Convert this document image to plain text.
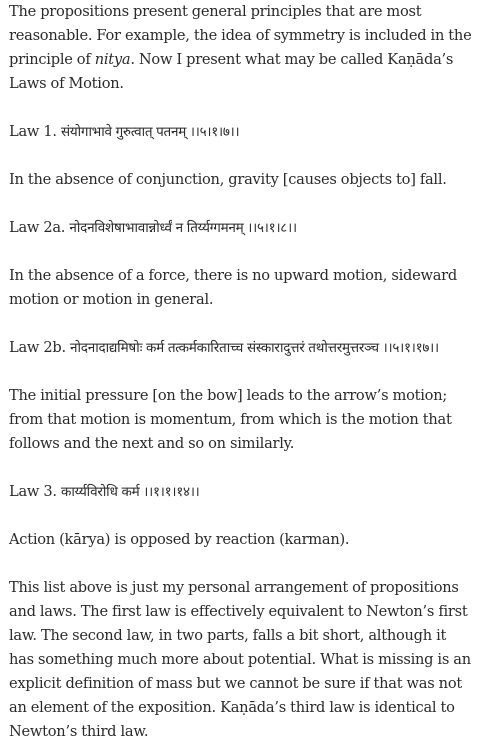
The propositions present general principles that are most reasonable. For example, the idea of symmetry is included in the principle of nitya. Now I present what may be called Kaṇāda’s Laws of Motion.

Law 1. संयोगाभावे गुरुत्वात् पतनम् ।।५।१।७।।

In the absence of conjunction, gravity [causes objects to] fall.

Law 2a. नोदनविशेषाभावान्नोर्ध्वं न तिर्य्यग्गमनम् ।।५।१।८।।

In the absence of a force, there is no upward motion, sideward motion or motion in general.

Law 2b. नोदनादाद्यमिषोः कर्म तत्कर्मकारिताच्च संस्कारादुत्तरं तथोत्तरमुत्तरञ्च ।।५।१।१७।।

The initial pressure [on the bow] leads to the arrow’s motion; from that motion is momentum, from which is the motion that follows and the next and so on similarly.

Law 3. कार्य्यविरोधि कर्म ।।१।१।१४।।

Action (kārya) is opposed by reaction (karman).

This list above is just my personal arrangement of propositions and laws. The first law is effectively equivalent to Newton’s first law. The second law, in two parts, falls a bit short, although it has something much more about potential. What is missing is an explicit definition of mass but we cannot be sure if that was not an element of the exposition. Kaṇāda’s third law is identical to Newton’s third law.
